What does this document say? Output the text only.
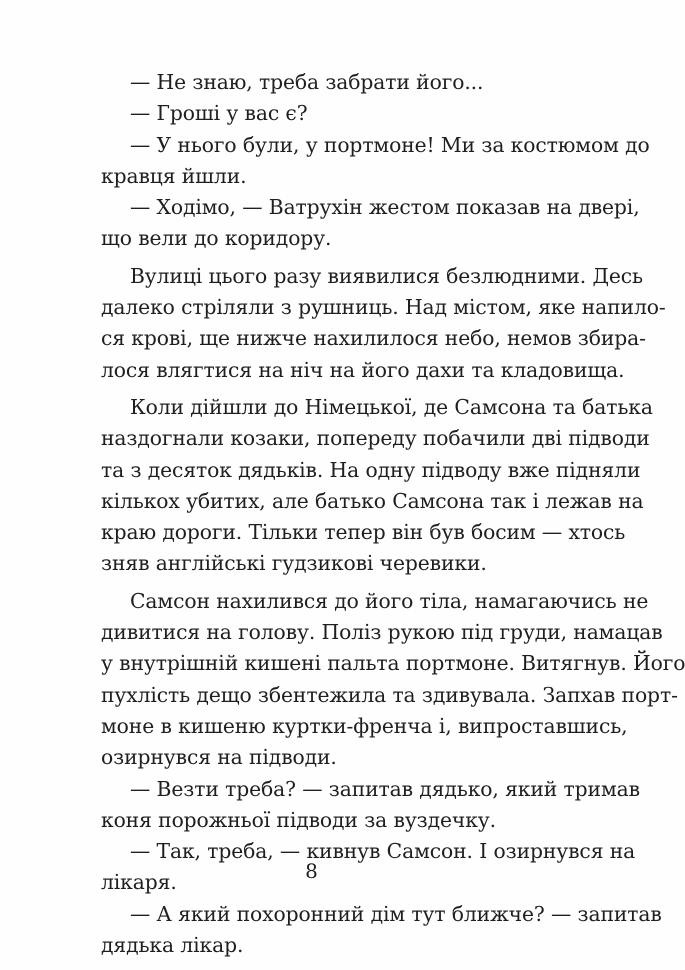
— Не знаю, треба забрати його...

— Гроші у вас є?

— У нього були, у портмоне! Ми за костюмом до
кравця йшли.

— Ходімо, — Ватрухін жестом показав на двері,
що вели до коридору.

Вулиці цього разу виявилися безлюдними. Десь
далеко стріляли з рушниць. Над містом, яке напило-
ся крові, ще нижче нахилилося небо, немов збира-
лося влягтися на ніч на його дахи та кладовища.

Коли дійшли до Німецької, де Самсона та батька
наздогнали козаки, попереду побачили дві підводи
та з десяток дядьків. На одну підводу вже підняли
кількох убитих, але батько Самсона так і лежав на
краю дороги. Тільки тепер він був босим — хтось
зняв англійські гудзикові черевики.

Самсон нахилився до його тіла, намагаючись не
дивитися на голову. Поліз рукою під груди, намацав
у внутрішній кишені пальта портмоне. Витягнув. Його
пухлість дещо збентежила та здивувала. Запхав порт-
моне в кишеню куртки-френча і, випроставшись,
озирнувся на підводи.

— Везти треба? — запитав дядько, який тримав
коня порожньої підводи за вуздечку.

— Так, треба, — кивнув Самсон. І озирнувся на
лікаря.

— А який похоронний дім тут ближче? — запитав
дядька лікар.

8
